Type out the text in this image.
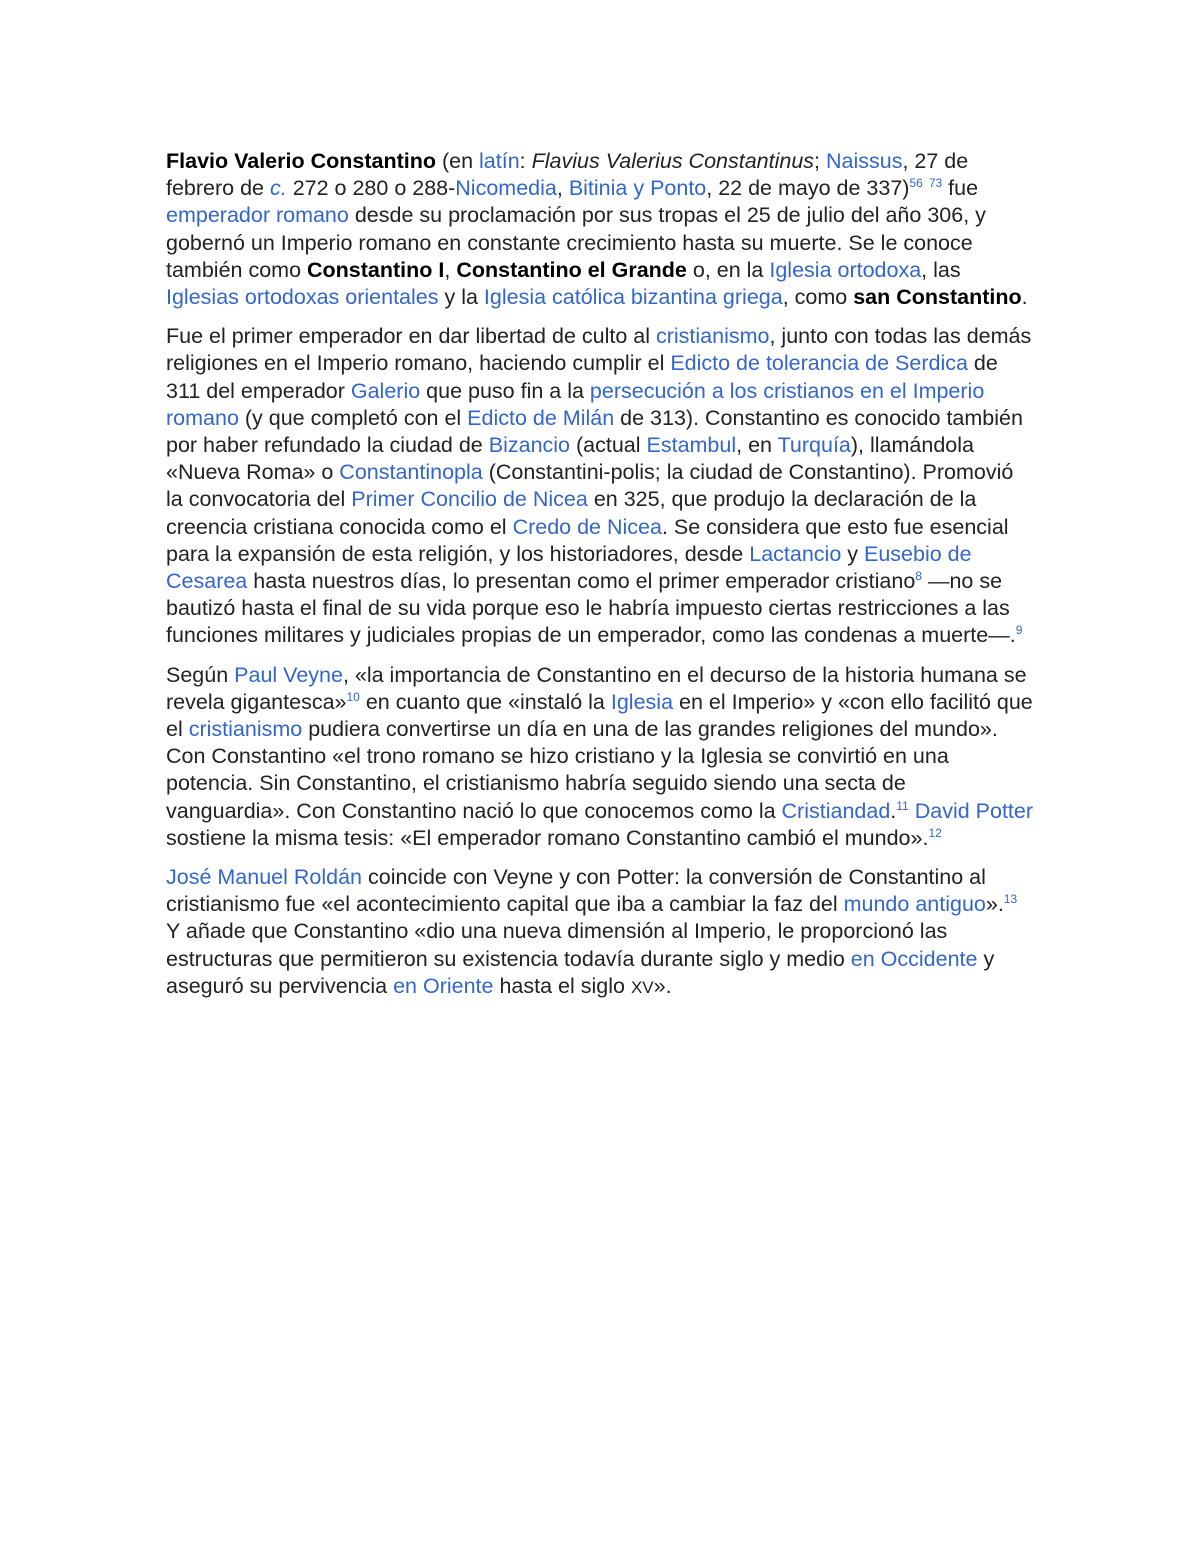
Flavio Valerio Constantino (en latín: Flavius Valerius Constantinus; Naissus, 27 de febrero de c. 272 o 280 o 288-Nicomedia, Bitinia y Ponto, 22 de mayo de 337)$^{56}$ $^{73}$ fue emperador romano desde su proclamación por sus tropas el 25 de julio del año 306, y gobernó un Imperio romano en constante crecimiento hasta su muerte. Se le conoce también como Constantino I, Constantino el Grande o, en la Iglesia ortodoxa, las Iglesias ortodoxas orientales y la Iglesia católica bizantina griega, como san Constantino.

Fue el primer emperador en dar libertad de culto al cristianismo, junto con todas las demás religiones en el Imperio romano, haciendo cumplir el Edicto de tolerancia de Serdica de 311 del emperador Galerio que puso fin a la persecución a los cristianos en el Imperio romano (y que completó con el Edicto de Milán de 313). Constantino es conocido también por haber refundado la ciudad de Bizancio (actual Estambul, en Turquía), llamándola «Nueva Roma» o Constantinopla (Constantini-polis; la ciudad de Constantino). Promovió la convocatoria del Primer Concilio de Nicea en 325, que produjo la declaración de la creencia cristiana conocida como el Credo de Nicea. Se considera que esto fue esencial para la expansión de esta religión, y los historiadores, desde Lactancio y Eusebio de Cesarea hasta nuestros días, lo presentan como el primer emperador cristiano$^8$ —no se bautizó hasta el final de su vida porque eso le habría impuesto ciertas restricciones a las funciones militares y judiciales propias de un emperador, como las condenas a muerte—.$^9$

Según Paul Veyne, «la importancia de Constantino en el decurso de la historia humana se revela gigantesca»$^{10}$ en cuanto que «instaló la Iglesia en el Imperio» y «con ello facilitó que el cristianismo pudiera convertirse un día en una de las grandes religiones del mundo». Con Constantino «el trono romano se hizo cristiano y la Iglesia se convirtió en una potencia. Sin Constantino, el cristianismo habría seguido siendo una secta de vanguardia». Con Constantino nació lo que conocemos como la Cristiandad.$^{11}$ David Potter sostiene la misma tesis: «El emperador romano Constantino cambió el mundo».$^{12}$

José Manuel Roldán coincide con Veyne y con Potter: la conversión de Constantino al cristianismo fue «el acontecimiento capital que iba a cambiar la faz del mundo antiguo».$^{13}$ Y añade que Constantino «dio una nueva dimensión al Imperio, le proporcionó las estructuras que permitieron su existencia todavía durante siglo y medio en Occidente y aseguró su pervivencia en Oriente hasta el siglo XV».
